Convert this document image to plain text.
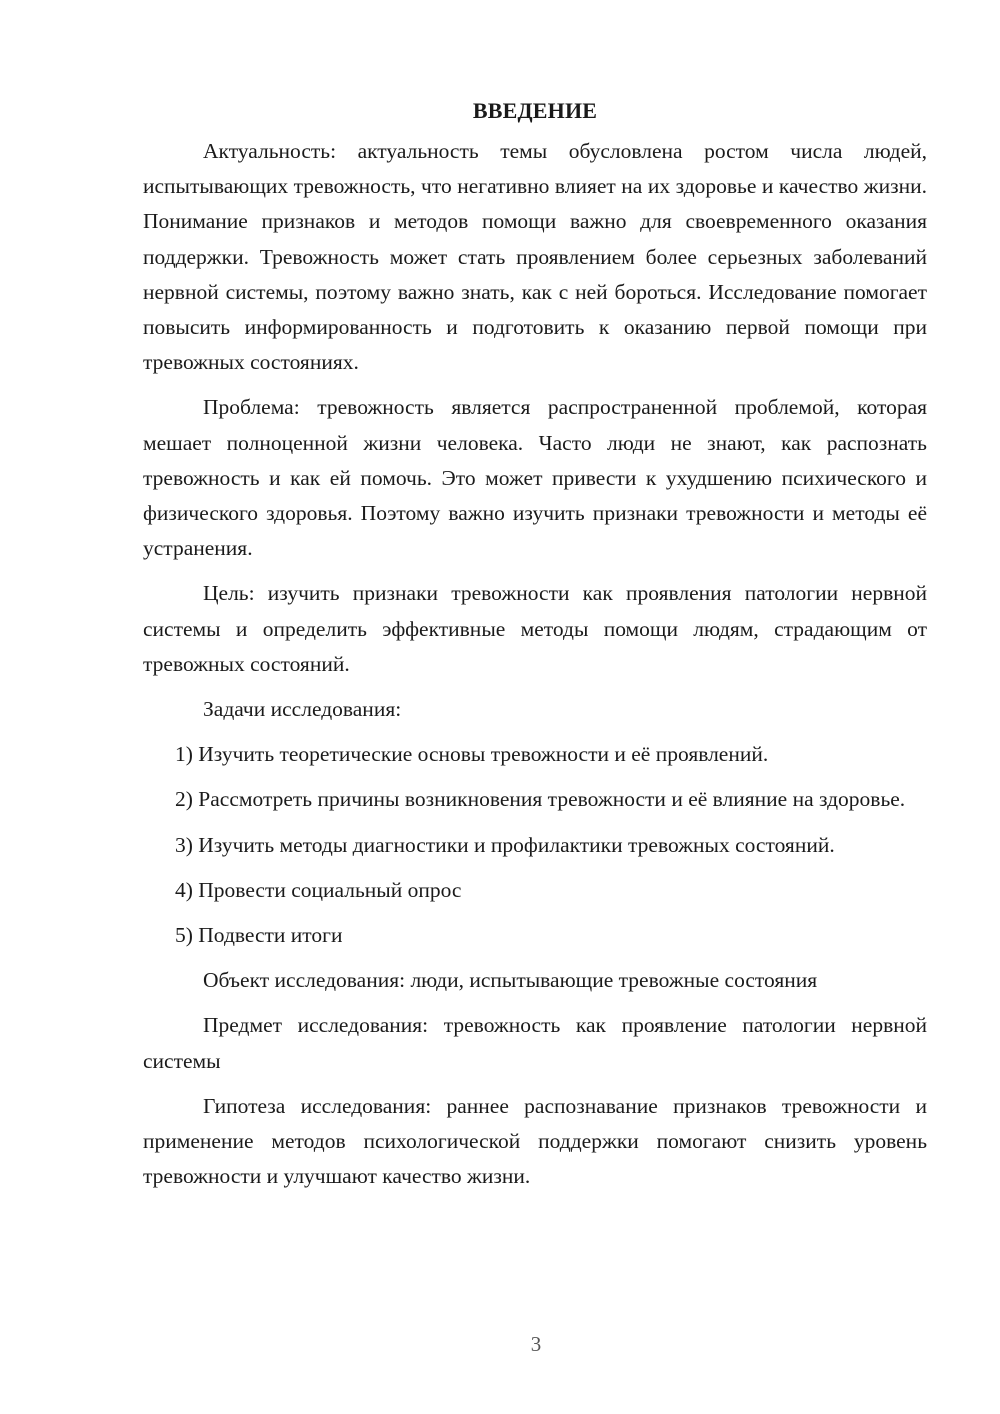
ВВЕДЕНИЕ

Актуальность: актуальность темы обусловлена ростом числа людей, испытывающих тревожность, что негативно влияет на их здоровье и качество жизни. Понимание признаков и методов помощи важно для своевременного оказания поддержки. Тревожность может стать проявлением более серьезных заболеваний нервной системы, поэтому важно знать, как с ней бороться. Исследование помогает повысить информированность и подготовить к оказанию первой помощи при тревожных состояниях.

Проблема: тревожность является распространенной проблемой, которая мешает полноценной жизни человека. Часто люди не знают, как распознать тревожность и как ей помочь. Это может привести к ухудшению психического и физического здоровья. Поэтому важно изучить признаки тревожности и методы её устранения.

Цель: изучить признаки тревожности как проявления патологии нервной системы и определить эффективные методы помощи людям, страдающим от тревожных состояний.

Задачи исследования:

1) Изучить теоретические основы тревожности и её проявлений.

2) Рассмотреть причины возникновения тревожности и её влияние на здоровье.

3) Изучить методы диагностики и профилактики тревожных состояний.

4) Провести социальный опрос

5) Подвести итоги

Объект исследования: люди, испытывающие тревожные состояния

Предмет исследования: тревожность как проявление патологии нервной системы

Гипотеза исследования: раннее распознавание признаков тревожности и применение методов психологической поддержки помогают снизить уровень тревожности и улучшают качество жизни.

3
